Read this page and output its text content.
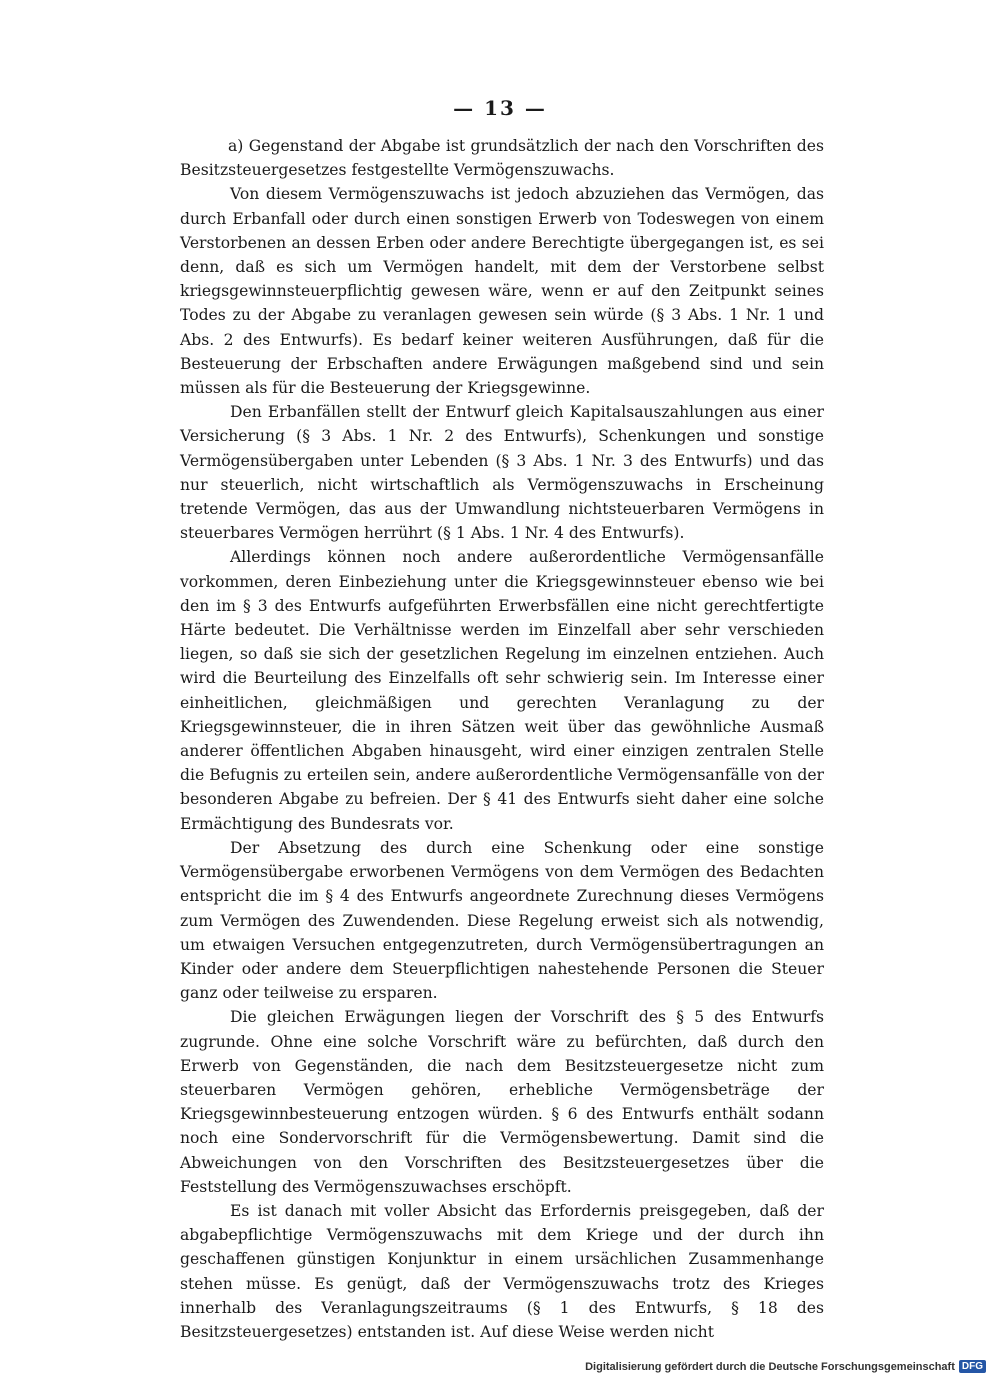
— 13 —

a) Gegenstand der Abgabe ist grundsätzlich der nach den Vorschriften des Besitzsteuergesetzes festgestellte Vermögenszuwachs.

Von diesem Vermögenszuwachs ist jedoch abzuziehen das Vermögen, das durch Erbanfall oder durch einen sonstigen Erwerb von Todeswegen von einem Verstorbenen an dessen Erben oder andere Berechtigte übergegangen ist, es sei denn, daß es sich um Vermögen handelt, mit dem der Verstorbene selbst kriegsgewinnsteuerpflichtig gewesen wäre, wenn er auf den Zeitpunkt seines Todes zu der Abgabe zu veranlagen gewesen sein würde (§ 3 Abs. 1 Nr. 1 und Abs. 2 des Entwurfs). Es bedarf keiner weiteren Ausführungen, daß für die Besteuerung der Erbschaften andere Erwägungen maßgebend sind und sein müssen als für die Besteuerung der Kriegsgewinne.

Den Erbanfällen stellt der Entwurf gleich Kapitalsauszahlungen aus einer Versicherung (§ 3 Abs. 1 Nr. 2 des Entwurfs), Schenkungen und sonstige Vermögensübergaben unter Lebenden (§ 3 Abs. 1 Nr. 3 des Entwurfs) und das nur steuerlich, nicht wirtschaftlich als Vermögenszuwachs in Erscheinung tretende Vermögen, das aus der Umwandlung nichtsteuerbaren Vermögens in steuerbares Vermögen herrührt (§ 1 Abs. 1 Nr. 4 des Entwurfs).

Allerdings können noch andere außerordentliche Vermögensanfälle vorkommen, deren Einbeziehung unter die Kriegsgewinnsteuer ebenso wie bei den im § 3 des Entwurfs aufgeführten Erwerbsfällen eine nicht gerechtfertigte Härte bedeutet. Die Verhältnisse werden im Einzelfall aber sehr verschieden liegen, so daß sie sich der gesetzlichen Regelung im einzelnen entziehen. Auch wird die Beurteilung des Einzelfalls oft sehr schwierig sein. Im Interesse einer einheitlichen, gleichmäßigen und gerechten Veranlagung zu der Kriegsgewinnsteuer, die in ihren Sätzen weit über das gewöhnliche Ausmaß anderer öffentlichen Abgaben hinausgeht, wird einer einzigen zentralen Stelle die Befugnis zu erteilen sein, andere außerordentliche Vermögensanfälle von der besonderen Abgabe zu befreien. Der § 41 des Entwurfs sieht daher eine solche Ermächtigung des Bundesrats vor.

Der Absetzung des durch eine Schenkung oder eine sonstige Vermögensübergabe erworbenen Vermögens von dem Vermögen des Bedachten entspricht die im § 4 des Entwurfs angeordnete Zurechnung dieses Vermögens zum Vermögen des Zuwendenden. Diese Regelung erweist sich als notwendig, um etwaigen Versuchen entgegenzutreten, durch Vermögensübertragungen an Kinder oder andere dem Steuerpflichtigen nahestehende Personen die Steuer ganz oder teilweise zu ersparen.

Die gleichen Erwägungen liegen der Vorschrift des § 5 des Entwurfs zugrunde. Ohne eine solche Vorschrift wäre zu befürchten, daß durch den Erwerb von Gegenständen, die nach dem Besitzsteuergesetze nicht zum steuerbaren Vermögen gehören, erhebliche Vermögensbeträge der Kriegsgewinnbesteuerung entzogen würden. § 6 des Entwurfs enthält sodann noch eine Sondervorschrift für die Vermögensbewertung. Damit sind die Abweichungen von den Vorschriften des Besitzsteuergesetzes über die Feststellung des Vermögenszuwachses erschöpft.

Es ist danach mit voller Absicht das Erfordernis preisgegeben, daß der abgabepflichtige Vermögenszuwachs mit dem Kriege und der durch ihn geschaffenen günstigen Konjunktur in einem ursächlichen Zusammenhange stehen müsse. Es genügt, daß der Vermögenszuwachs trotz des Krieges innerhalb des Veranlagungszeitraums (§ 1 des Entwurfs, § 18 des Besitzsteuergesetzes) entstanden ist. Auf diese Weise werden nicht

Digitalisierung gefördert durch die Deutsche Forschungsgemeinschaft DFG
